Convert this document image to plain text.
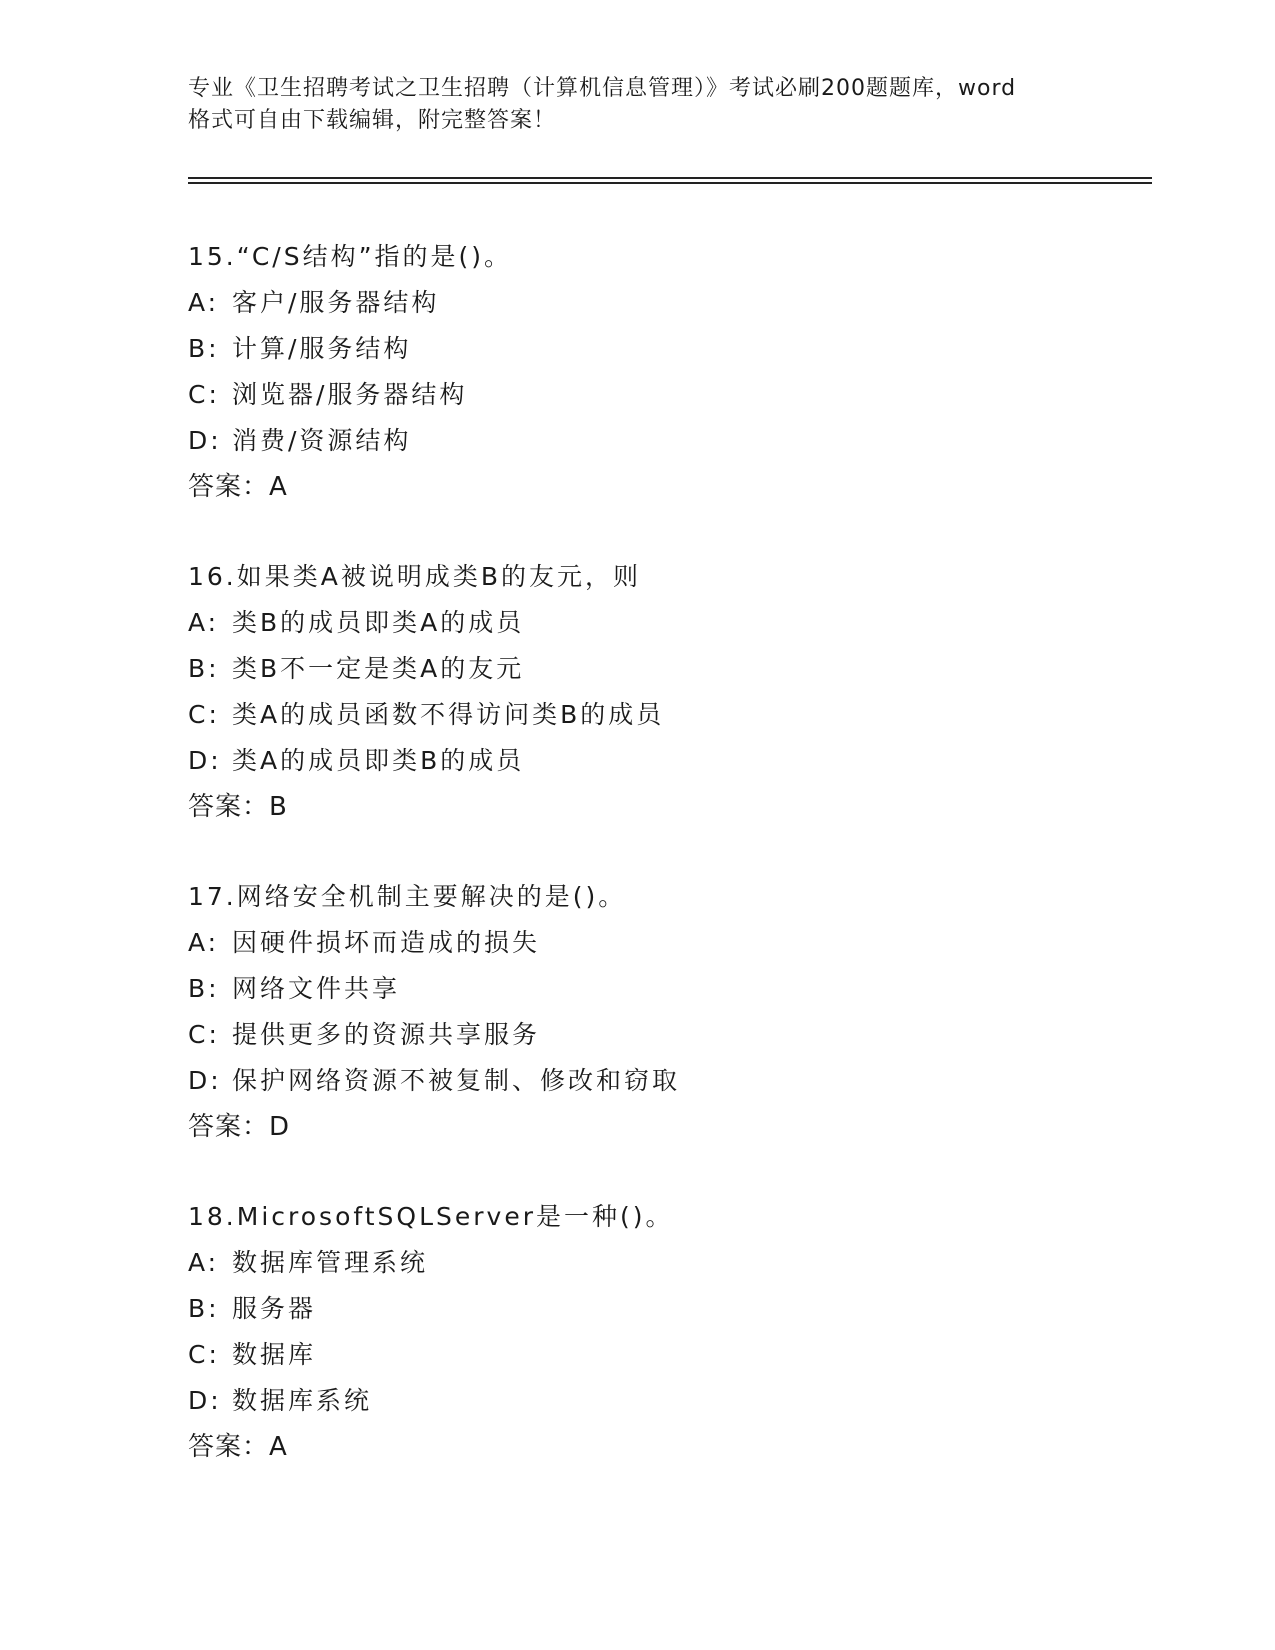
专业《卫生招聘考试之卫生招聘（计算机信息管理）》考试必刷200题题库，word
格式可自由下载编辑，附完整答案！
15.“C/S结构”指的是()。
A: 客户/服务器结构
B: 计算/服务结构
C: 浏览器/服务器结构
D: 消费/资源结构
答案：A
16.如果类A被说明成类B的友元，则
A: 类B的成员即类A的成员
B: 类B不一定是类A的友元
C: 类A的成员函数不得访问类B的成员
D: 类A的成员即类B的成员
答案：B
17.网络安全机制主要解决的是()。
A: 因硬件损坏而造成的损失
B: 网络文件共享
C: 提供更多的资源共享服务
D: 保护网络资源不被复制、修改和窃取
答案：D
18.MicrosoftSQLServer是一种()。
A: 数据库管理系统
B: 服务器
C: 数据库
D: 数据库系统
答案：A
